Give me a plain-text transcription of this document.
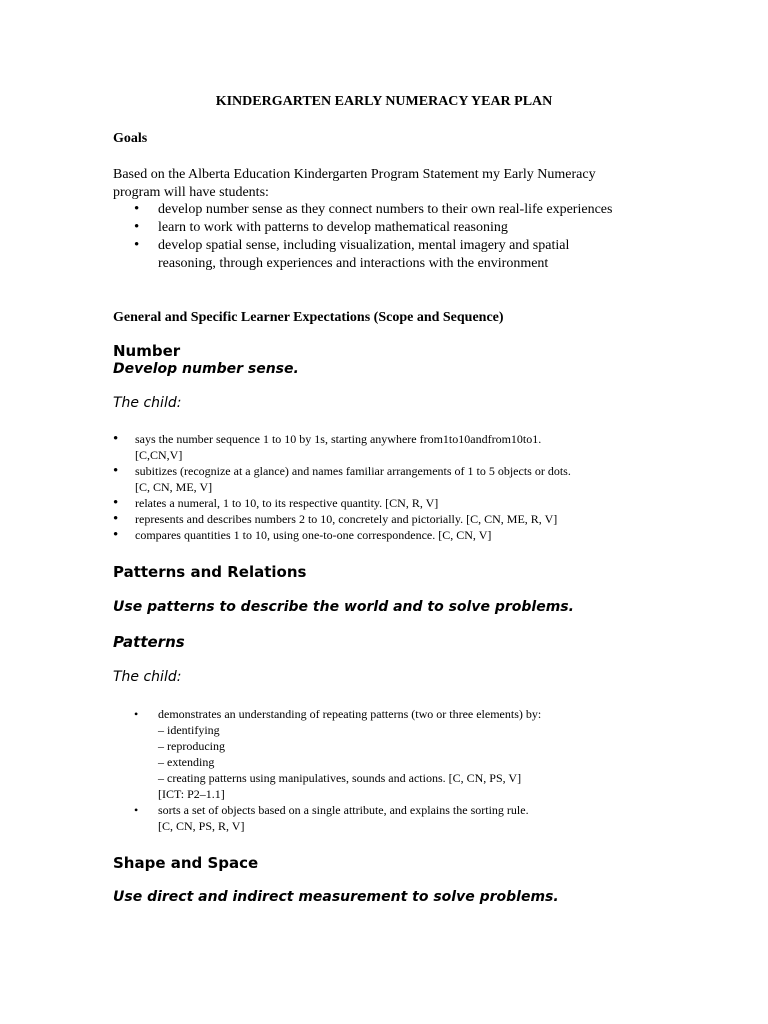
KINDERGARTEN EARLY NUMERACY YEAR PLAN

Goals

Based on the Alberta Education Kindergarten Program Statement my Early Numeracy

program will have students:

• develop number sense as they connect numbers to their own real-life experiences
• learn to work with patterns to develop mathematical reasoning
• develop spatial sense, including visualization, mental imagery and spatial
reasoning, through experiences and interactions with the environment

General and Specific Learner Expectations (Scope and Sequence)

Number

Develop number sense.

The child:

• says the number sequence 1 to 10 by 1s, starting anywhere from1to10andfrom10to1.
[C,CN,V]
• subitizes (recognize at a glance) and names familiar arrangements of 1 to 5 objects or dots.
[C, CN, ME, V]
• relates a numeral, 1 to 10, to its respective quantity. [CN, R, V]
• represents and describes numbers 2 to 10, concretely and pictorially. [C, CN, ME, R, V]
• compares quantities 1 to 10, using one-to-one correspondence. [C, CN, V]

Patterns and Relations

Use patterns to describe the world and to solve problems.

Patterns

The child:

• demonstrates an understanding of repeating patterns (two or three elements) by:
– identifying
– reproducing
– extending
– creating patterns using manipulatives, sounds and actions. [C, CN, PS, V]
[ICT: P2–1.1]
• sorts a set of objects based on a single attribute, and explains the sorting rule.
[C, CN, PS, R, V]

Shape and Space

Use direct and indirect measurement to solve problems.
